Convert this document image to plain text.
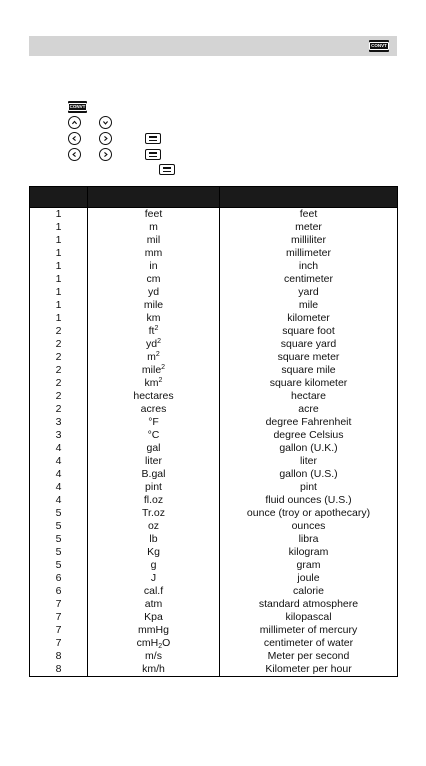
CONVT
CONVT

1	feet	feet
1	m	meter
1	mil	milliliter
1	mm	millimeter
1	in	inch
1	cm	centimeter
1	yd	yard
1	mile	mile
1	km	kilometer
2	$ft^2$	square foot
2	$yd^2$	square yard
2	$m^2$	square meter
2	mile$^2$	square mile
2	$km^2$	square kilometer
2	hectares	hectare
2	acres	acre
3	°F	degree Fahrenheit
3	°C	degree Celsius
4	gal	gallon (U.K.)
4	liter	liter
4	B.gal	gallon (U.S.)
4	pint	pint
4	fl.oz	fluid ounces (U.S.)
5	Tr.oz	ounce (troy or apothecary)
5	oz	ounces
5	lb	libra
5	Kg	kilogram
5	g	gram
6	J	joule
6	cal.f	calorie
7	atm	standard atmosphere
7	Kpa	kilopascal
7	mmHg	millimeter of mercury
7	cmH$_2$O	centimeter of water
8	m/s	Meter per second
8	km/h	Kilometer per hour
